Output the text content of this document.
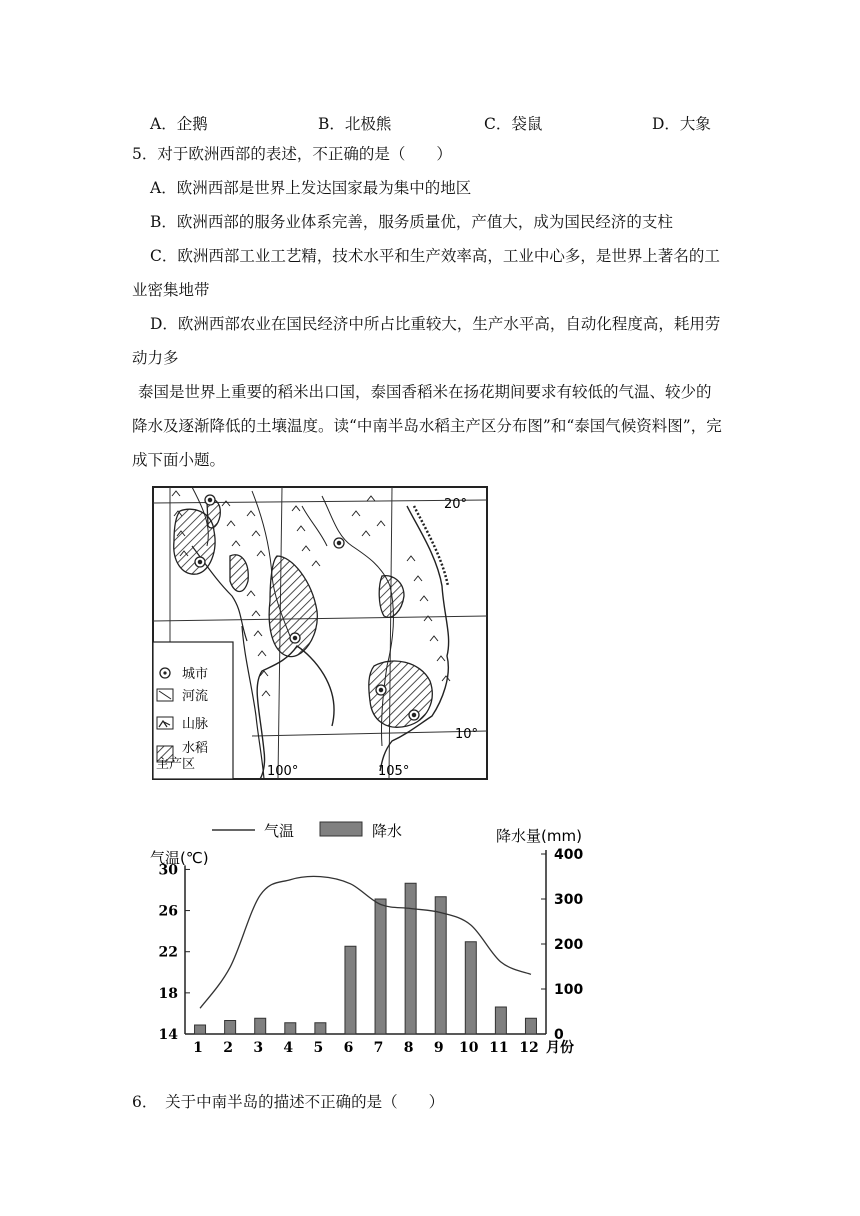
A．企鹅	B．北极熊	C．袋鼠	D．大象
5．对于欧洲西部的表述，不正确的是（　　）
A．欧洲西部是世界上发达国家最为集中的地区
B．欧洲西部的服务业体系完善，服务质量优，产值大，成为国民经济的支柱
C．欧洲西部工业工艺精，技术水平和生产效率高，工业中心多，是世界上著名的工
业密集地带
D．欧洲西部农业在国民经济中所占比重较大，生产水平高，自动化程度高，耗用劳
动力多
泰国是世界上重要的稻米出口国，泰国香稻米在扬花期间要求有较低的气温、较少的
降水及逐渐降低的土壤温度。读“中南半岛水稻主产区分布图”和“泰国气候资料图”，完
成下面小题。
20°
10°
100°	105°
城市
河流
山脉
水稻
主产区
气温	降水
气温(℃)
降水量(mm)
14
18
22
26
30
0
100
200
300
400
1 2 3 4 5 6 7 8 9 10 11 12 月份
6．　关于中南半岛的描述不正确的是（　　）
